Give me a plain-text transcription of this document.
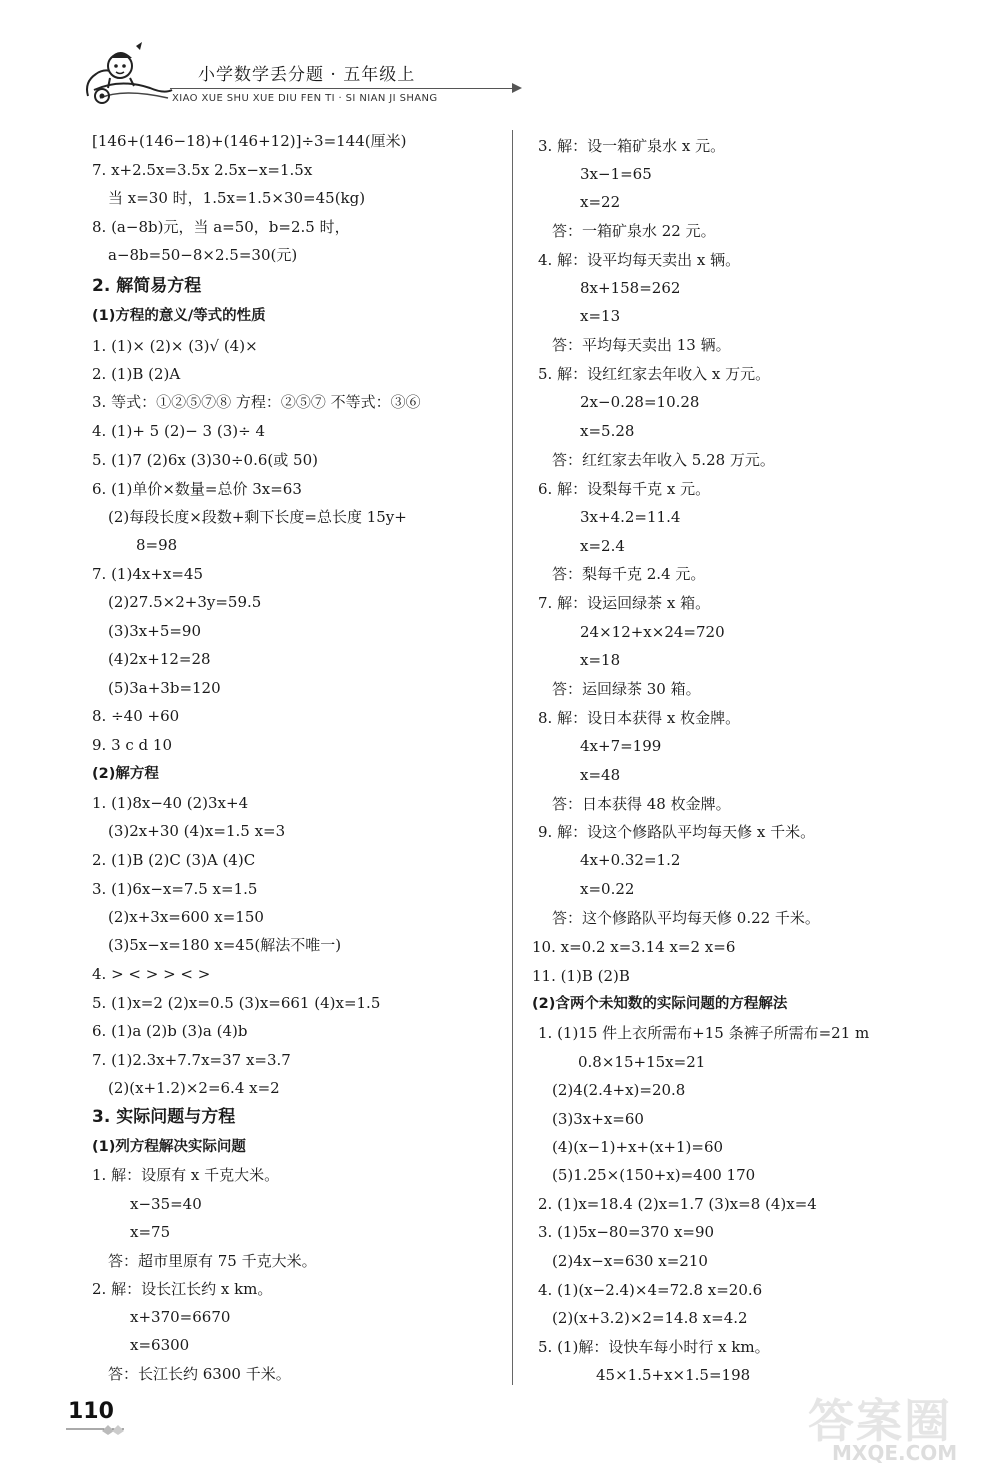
小学数学丢分题 · 五年级上
XIAO XUE SHU XUE DIU FEN TI · SI NIAN JI SHANG
[146+(146−18)+(146+12)]÷3=144(厘米)
7. x+2.5x=3.5x 2.5x−x=1.5x
当 x=30 时，1.5x=1.5×30=45(kg)
8. (a−8b)元，当 a=50，b=2.5 时，
a−8b=50−8×2.5=30(元)
2. 解简易方程
(1)方程的意义/等式的性质
1. (1)× (2)× (3)√ (4)×
2. (1)B (2)A
3. 等式：①②⑤⑦⑧ 方程：②⑤⑦ 不等式：③⑥
4. (1)+ 5 (2)− 3 (3)÷ 4
5. (1)7 (2)6x (3)30÷0.6(或 50)
6. (1)单价×数量=总价 3x=63
(2)每段长度×段数+剩下长度=总长度 15y+
8=98
7. (1)4x+x=45
(2)27.5×2+3y=59.5
(3)3x+5=90
(4)2x+12=28
(5)3a+3b=120
8. ÷40 +60
9. 3 c d 10
(2)解方程
1. (1)8x−40 (2)3x+4
(3)2x+30 (4)x=1.5 x=3
2. (1)B (2)C (3)A (4)C
3. (1)6x−x=7.5 x=1.5
(2)x+3x=600 x=150
(3)5x−x=180 x=45(解法不唯一)
4. > < > > < >
5. (1)x=2 (2)x=0.5 (3)x=661 (4)x=1.5
6. (1)a (2)b (3)a (4)b
7. (1)2.3x+7.7x=37 x=3.7
(2)(x+1.2)×2=6.4 x=2
3. 实际问题与方程
(1)列方程解决实际问题
1. 解：设原有 x 千克大米。
x−35=40
x=75
答：超市里原有 75 千克大米。
2. 解：设长江长约 x km。
x+370=6670
x=6300
答：长江长约 6300 千米。
3. 解：设一箱矿泉水 x 元。
3x−1=65
x=22
答：一箱矿泉水 22 元。
4. 解：设平均每天卖出 x 辆。
8x+158=262
x=13
答：平均每天卖出 13 辆。
5. 解：设红红家去年收入 x 万元。
2x−0.28=10.28
x=5.28
答：红红家去年收入 5.28 万元。
6. 解：设梨每千克 x 元。
3x+4.2=11.4
x=2.4
答：梨每千克 2.4 元。
7. 解：设运回绿茶 x 箱。
24×12+x×24=720
x=18
答：运回绿茶 30 箱。
8. 解：设日本获得 x 枚金牌。
4x+7=199
x=48
答：日本获得 48 枚金牌。
9. 解：设这个修路队平均每天修 x 千米。
4x+0.32=1.2
x=0.22
答：这个修路队平均每天修 0.22 千米。
10. x=0.2 x=3.14 x=2 x=6
11. (1)B (2)B
(2)含两个未知数的实际问题的方程解法
1. (1)15 件上衣所需布+15 条裤子所需布=21 m
0.8×15+15x=21
(2)4(2.4+x)=20.8
(3)3x+x=60
(4)(x−1)+x+(x+1)=60
(5)1.25×(150+x)=400 170
2. (1)x=18.4 (2)x=1.7 (3)x=8 (4)x=4
3. (1)5x−80=370 x=90
(2)4x−x=630 x=210
4. (1)(x−2.4)×4=72.8 x=20.6
(2)(x+3.2)×2=14.8 x=4.2
5. (1)解：设快车每小时行 x km。
45×1.5+x×1.5=198
110	答案圈
MXQE.COM
